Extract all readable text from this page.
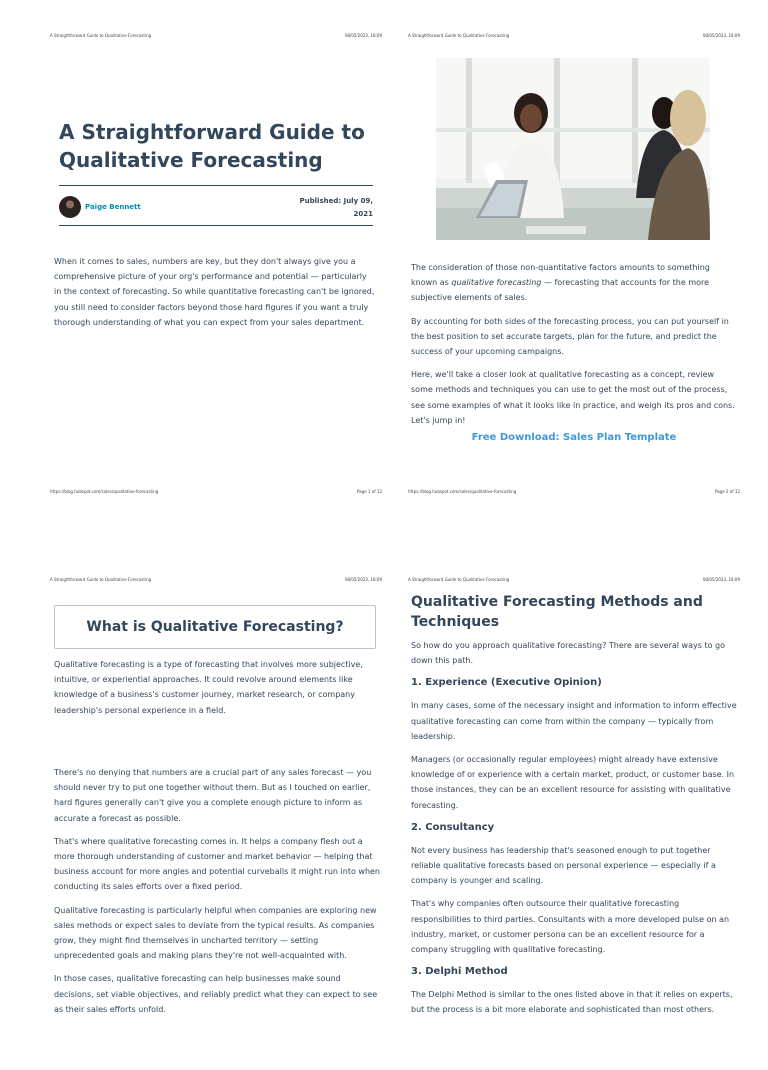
A Straightforward Guide to Qualitative Forecasting	08/05/2023, 18:09
A Straightforward Guide to Qualitative Forecasting
Paige Bennett
Published: July 09, 2021

When it comes to sales, numbers are key, but they don't always give you a comprehensive picture of your org's performance and potential — particularly in the context of forecasting. So while quantitative forecasting can't be ignored, you still need to consider factors beyond those hard figures if you want a truly thorough understanding of what you can expect from your sales department.

https://blog.hubspot.com/sales/qualitative-forecasting	Page 1 of 12
A Straightforward Guide to Qualitative Forecasting	08/05/2023, 18:09

The consideration of those non-quantitative factors amounts to something known as qualitative forecasting — forecasting that accounts for the more subjective elements of sales.

By accounting for both sides of the forecasting process, you can put yourself in the best position to set accurate targets, plan for the future, and predict the success of your upcoming campaigns.

Here, we'll take a closer look at qualitative forecasting as a concept, review some methods and techniques you can use to get the most out of the process, see some examples of what it looks like in practice, and weigh its pros and cons. Let's jump in!

Free Download: Sales Plan Template
https://blog.hubspot.com/sales/qualitative-forecasting	Page 2 of 12
A Straightforward Guide to Qualitative Forecasting	08/05/2023, 18:09
What is Qualitative Forecasting?

Qualitative forecasting is a type of forecasting that involves more subjective, intuitive, or experiential approaches. It could revolve around elements like knowledge of a business's customer journey, market research, or company leadership's personal experience in a field.

There's no denying that numbers are a crucial part of any sales forecast — you should never try to put one together without them. But as I touched on earlier, hard figures generally can't give you a complete enough picture to inform as accurate a forecast as possible.

That's where qualitative forecasting comes in. It helps a company flesh out a more thorough understanding of customer and market behavior — helping that business account for more angles and potential curveballs it might run into when conducting its sales efforts over a fixed period.

Qualitative forecasting is particularly helpful when companies are exploring new sales methods or expect sales to deviate from the typical results. As companies grow, they might find themselves in uncharted territory — setting unprecedented goals and making plans they're not well-acquainted with.

In those cases, qualitative forecasting can help businesses make sound decisions, set viable objectives, and reliably predict what they can expect to see as their sales efforts unfold.

A Straightforward Guide to Qualitative Forecasting	08/05/2023, 18:09
Qualitative Forecasting Methods and Techniques

So how do you approach qualitative forecasting? There are several ways to go down this path.

1. Experience (Executive Opinion)

In many cases, some of the necessary insight and information to inform effective qualitative forecasting can come from within the company — typically from leadership.

Managers (or occasionally regular employees) might already have extensive knowledge of or experience with a certain market, product, or customer base. In those instances, they can be an excellent resource for assisting with qualitative forecasting.

2. Consultancy

Not every business has leadership that's seasoned enough to put together reliable qualitative forecasts based on personal experience — especially if a company is younger and scaling.

That's why companies often outsource their qualitative forecasting responsibilities to third parties. Consultants with a more developed pulse on an industry, market, or customer persona can be an excellent resource for a company struggling with qualitative forecasting.

3. Delphi Method

The Delphi Method is similar to the ones listed above in that it relies on experts, but the process is a bit more elaborate and sophisticated than most others.
